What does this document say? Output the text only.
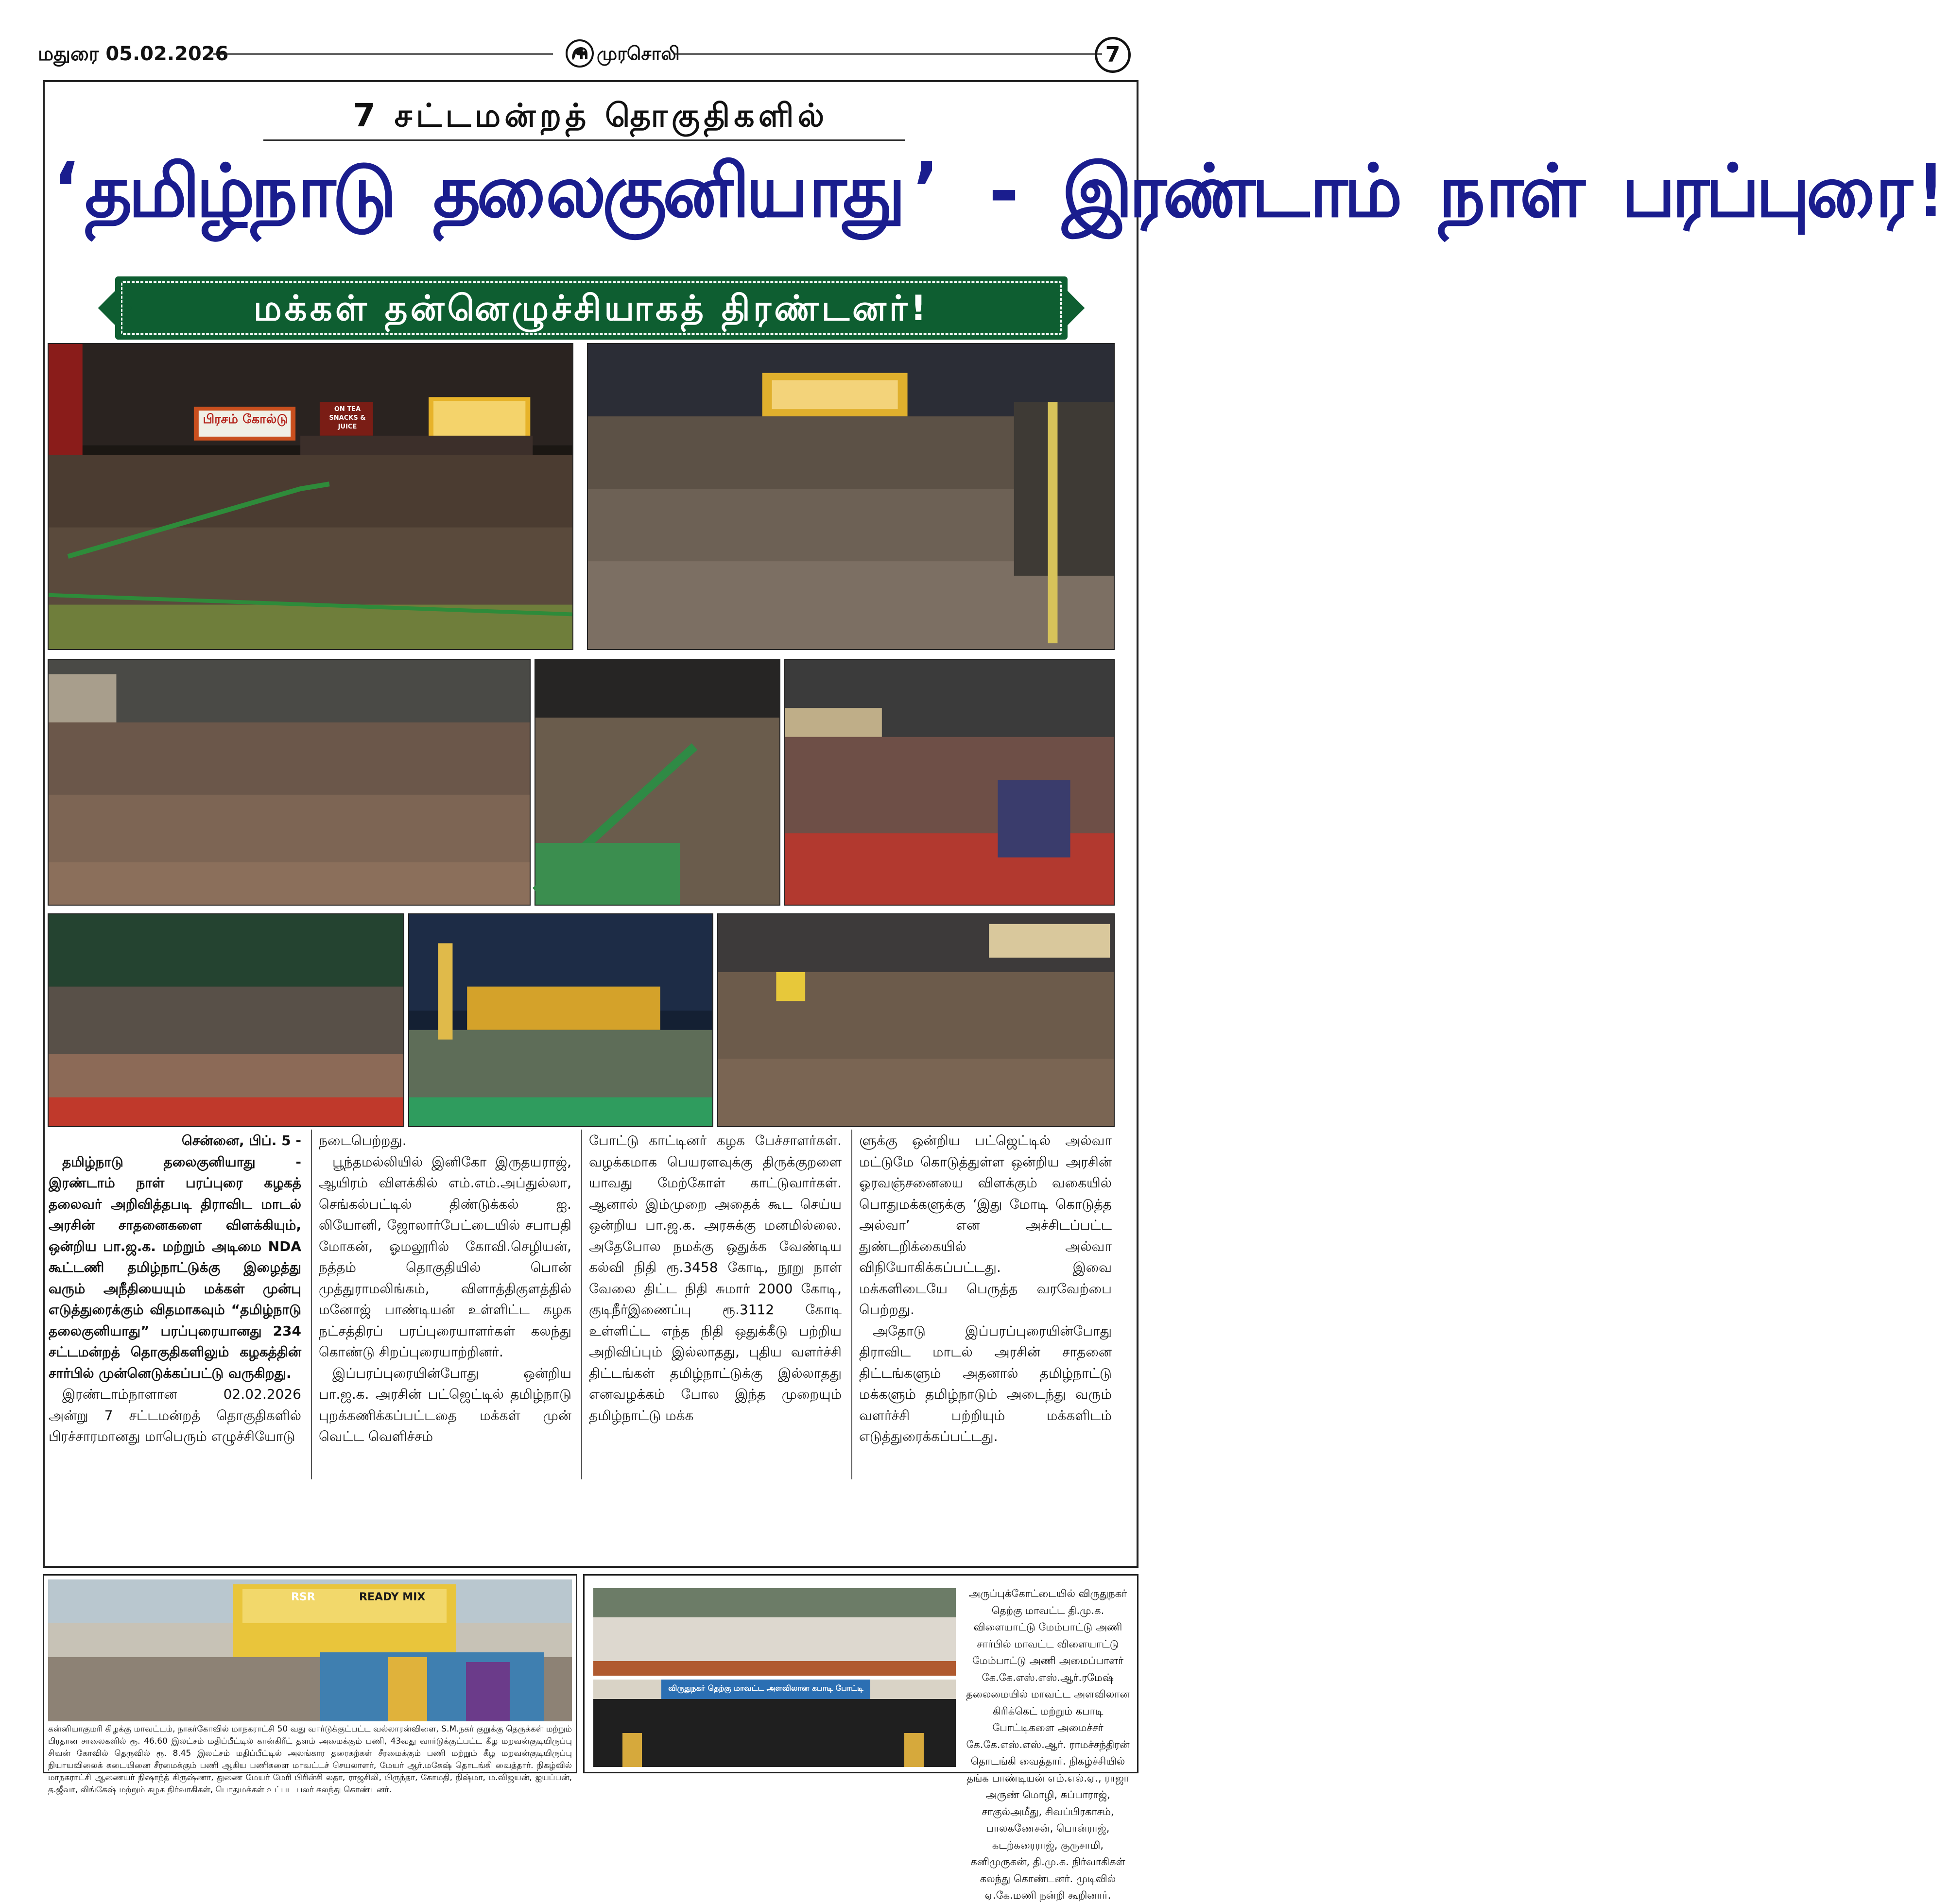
மதுரை 05.02.2026	முரசொலி	7
7 சட்டமன்றத் தொகுதிகளில்
‘தமிழ்நாடு தலைகுனியாது’ - இரண்டாம் நாள் பரப்புரை!
மக்கள் தன்னெழுச்சியாகத் திரண்டனர்!
பிரசம் கோல்டு
ON TEA SNACKS & JUICE

சென்னை, பிப். 5 -

தமிழ்நாடு தலைகுனியாது - இரண்டாம் நாள் பரப்புரை கழகத் தலைவர் அறிவித்தபடி திராவிட மாடல் அரசின் சாதனைகளை விளக்கியும், ஒன்றிய பா.ஜ.க. மற்றும் அடிமை NDA கூட்டணி தமிழ்நாட்டுக்கு இழைத்து வரும் அநீதியையும் மக்கள் முன்பு எடுத்துரைக்கும் விதமாகவும் “தமிழ்நாடு தலைகுனியாது” பரப்புரையானது 234 சட்டமன்றத் தொகுதிகளிலும் கழகத்தின் சார்பில் முன்னெடுக்கப்பட்டு வருகிறது.

இரண்டாம்நாளான 02.02.2026 அன்று 7 சட்டமன்றத் தொகுதிகளில் பிரச்சாரமானது மாபெரும் எழுச்சியோடு

நடைபெற்றது.

பூந்தமல்லியில் இனிகோ இருதயராஜ், ஆயிரம் விளக்கில் எம்.எம்.அப்துல்லா, செங்கல்பட்டில் திண்டுக்கல் ஐ. லியோனி, ஜோலார்பேட்டையில் சபாபதி மோகன், ஓமலூரில் கோவி.செழியன், நத்தம் தொகுதியில் பொன் முத்துராமலிங்கம், விளாத்திகுளத்தில் மனோஜ் பாண்டியன் உள்ளிட்ட கழக நட்சத்திரப் பரப்புரையாளர்கள் கலந்து கொண்டு சிறப்புரையாற்றினர்.

இப்பரப்புரையின்போது ஒன்றிய பா.ஜ.க. அரசின் பட்ஜெட்டில் தமிழ்நாடு புறக்கணிக்கப்பட்டதை மக்கள் முன் வெட்ட வெளிச்சம்

போட்டு காட்டினர் கழக பேச்சாளர்கள். வழக்கமாக பெயரளவுக்கு திருக்குறளை யாவது மேற்கோள் காட்டுவார்கள். ஆனால் இம்முறை அதைக் கூட செய்ய ஒன்றிய பா.ஜ.க. அரசுக்கு மனமில்லை. அதேபோல நமக்கு ஒதுக்க வேண்டிய கல்வி நிதி ரூ.3458 கோடி, நூறு நாள் வேலை திட்ட நிதி சுமார் 2000 கோடி, குடிநீர்இணைப்பு ரூ.3112 கோடி உள்ளிட்ட எந்த நிதி ஒதுக்கீடு பற்றிய அறிவிப்பும் இல்லாதது, புதிய வளர்ச்சி திட்டங்கள் தமிழ்நாட்டுக்கு இல்லாதது எனவழக்கம் போல இந்த முறையும் தமிழ்நாட்டு மக்க

ளுக்கு ஒன்றிய பட்ஜெட்டில் அல்வா மட்டுமே கொடுத்துள்ள ஒன்றிய அரசின் ஓரவஞ்சனையை விளக்கும் வகையில் பொதுமக்களுக்கு ‘இது மோடி கொடுத்த அல்வா’ என அச்சிடப்பட்ட துண்டறிக்கையில் அல்வா விநியோகிக்கப்பட்டது. இவை மக்களிடையே பெருத்த வரவேற்பை பெற்றது.

அதோடு இப்பரப்புரையின்போது திராவிட மாடல் அரசின் சாதனை திட்டங்களும் அதனால் தமிழ்நாட்டு மக்களும் தமிழ்நாடும் அடைந்து வரும் வளர்ச்சி பற்றியும் மக்களிடம் எடுத்துரைக்கப்பட்டது.

RSR	READY MIX
கன்னியாகுமரி கிழக்கு மாவட்டம், நாகர்கோவில் மாநகராட்சி 50 வது வார்டுக்குட்பட்ட வல்லாரன்விளை, S.M.நகர் குறுக்கு தெருக்கள் மற்றும் பிரதான சாலைகளில் ரூ. 46.60 இலட்சம் மதிப்பீட்டில் கான்கிரீட் தளம் அமைக்கும் பணி, 43வது வார்டுக்குட்பட்ட கீழ மறவன்குடியிருப்பு சிவன் கோவில் தெருவில் ரூ. 8.45 இலட்சம் மதிப்பீட்டில் அலங்கார தரைகற்கள் சீரமைக்கும் பணி மற்றும் கீழ மறவன்குடியிருப்பு நியாயவிலைக் கடையினை சீரமைக்கும் பணி ஆகிய பணிகளை மாவட்டச் செயலாளர், மேயர் ஆர்.மகேஷ் தொடங்கி வைத்தார். நிகழ்வில் மாநகராட்சி ஆணையர் நிஷாந்த் கிருஷ்ணா, துணை மேயர் மேரி பிரின்சி லதா, ராஜசிலி, பிருந்தா, கோமதி, நிஷ்மா, ம.விஜயன், ஐயப்பன், த.ஜீவா, லிங்கேஷ் மற்றும் கழக நிர்வாகிகள், பொதுமக்கள் உட்பட பலர் கலந்து கொண்டனர்.
விருதுநகர் தெற்கு மாவட்ட அளவிலான கபாடி போட்டி
அருப்புக்கோட்டையில் விருதுநகர் தெற்கு மாவட்ட தி.மு.க. விளையாட்டு மேம்பாட்டு அணி சார்பில் மாவட்ட விளையாட்டு மேம்பாட்டு அணி அமைப்பாளர் கே.கே.எஸ்.எஸ்.ஆர்.ரமேஷ் தலைமையில் மாவட்ட அளவிலான கிரிக்கெட் மற்றும் கபாடி போட்டிகளை அமைச்சர் கே.கே.எஸ்.எஸ்.ஆர். ராமச்சந்திரன் தொடங்கி வைத்தார். நிகழ்ச்சியில் தங்க பாண்டியன் எம்.எல்.ஏ., ராஜா அருண் மொழி, சுப்பாராஜ், சாகுல்அமீது, சிவப்பிரகாசம், பாலகணேசன், பொன்ராஜ், கடற்கரைராஜ், குருசாமி, கனிமுருகன், தி.மு.க. நிர்வாகிகள் கலந்து கொண்டனர். முடிவில் ஏ.கே.மணி நன்றி கூறினார்.
